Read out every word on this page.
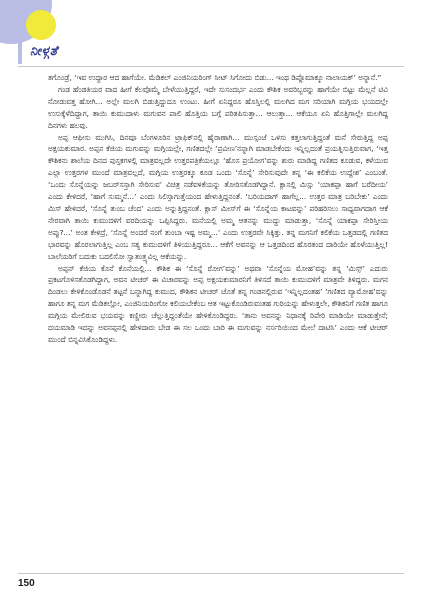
ನೀಳ್ಗತೆ

ತಗೊಂಡ್ರೆ, ‘ಇವ ಉದ್ಧಾರ ಆದ ಹಾಗೆಯೇ. ಮೆಡಿಕಲ್ ಎಂಜಿನಿಯರಿಂಗ್ ಸೀಟ್ ಸಿಗೋದು ಬಿಡು... ಇಂಥ ಡಿಪ್ಲೊಮಾಕ್ಕೂ ನಾಲಾಯಕ್’ ಅನ್ನಾನೆ.”

ಗಂಡ ಹೆಂಡತಿಯರ ವಾದ ಹೀಗೆ ಕೆಲವೊಮ್ಮೆ ಬೇಳೆಯುತ್ತಿದ್ದರೆ, ಇದೇ ಸುಸಂದರ್ಭ ಎಂದು ಕೌಶಿಕ ಅವರಿಬ್ಬರನ್ನು ಹಾಗೆಯೇ ಬಿಟ್ಟು ಮೆಲ್ಲನೆ ಟಿವಿ ನೋಡುವತ್ತ ಹೋಗಿ... ಅಲ್ಲೇ ಮಲಗಿ ಬಿಡುತ್ತಿದ್ದುದೂ ಉಂಟು. ಹೀಗೆ ಏನಿದ್ದರೂ ಹೊಸ್ತಿಲಲ್ಲಿ ಮಲಗಿದ ಮಗ ಸರಿಯಾಗಿ ಮಗ್ಗಿಯ ಭಯದಲ್ಲೇ ಉಸುಕ್ಕೆಳೆದಿದ್ದಾಗ, ತಾಯಿ ಕುಮುದಾಳು ಮಗುವನ ಪಾಲಿ ಹೊತ್ತಿಯ ಬಗ್ಗೆ ಪರಿತಪಿಸುತ್ತಾ... ಆಲುತ್ತಾ... ಆಕೆಯೂ ಏನಿ ಹೊತ್ತಿಗಾಲ್ಲೇ ಮಲಗಿದ್ದ ದಿನಗಳು ಹಲವು.

ಅಪ್ಪ ಆಫೀಸು ಮುಗಿಸಿ, ದಿನವೂ ಬೆಂಗಳೂರಿನ ಟ್ರಾಫಿಕ್‌ನಲ್ಲಿ ಹೈರಾಣಾಗಿ... ಮುಸ್ಸಂಜೆ ಒಳಿಸು ಕತ್ತಲಾಗುತ್ತಿದ್ದಂತೆ ಮನೆ ಸೇರುತ್ತಿದ್ದ ಅಪ್ಪ ಅಕ್ಷಯಕುಮಾರ. ಅಪ್ಪನ ಕೆಜಿಯ ಮಗುವನ್ನು ಮಗ್ಗಿಯಲ್ಲೇ, ಗಣಿತದಲ್ಲೇ ‘ಪ್ರವೀಣ’ನನ್ನಾಗಿ ಮಾಡಬೇಕೆಂದು ಇನ್ನಿಲ್ಲದಂತೆ ಪ್ರಯತ್ನಿಸುತ್ತಿರುವಾಗ, ‘ಇತ್ತ ಕೌಶಿಕನು ಶಾಲೆಯ ದಿನದ ಪುಸ್ತಕಗಳಲ್ಲಿ ಮಾತ್ರವಲ್ಲದೇ ಉತ್ತರಪತ್ರಿಕೆಯಲ್ಲೂ ‘ಹೊಸ ಪ್ರಯೋಗ’ವನ್ನು ಶುರು ಮಾಡಿದ್ದ ಗಣಿತದ ಕೂಡುವ, ಕಳೆಯುವ ಎಲ್ಲಾ ಉತ್ತರಗಳ ಮುಂದೆ ಮಾತ್ರವಲ್ಲದೆ, ಮಗ್ಗಿಯ ಉತ್ತರಕ್ಕೂ ಕೂಡ ಒಂದು ‘ಸೊನ್ನೆ’ ಸೇರಿಸುವುದೇ ತನ್ನ ‘ಈ ಕಲಿಕೆಯ ಉದ್ದೇಶ’ ಎಂಬಂತೆ. ‘ಒಂದು ಸೊನ್ನೆಯನ್ನು ಜಬರ್‌ಸಸ್ತಾಗಿ ಸೇರಿಸುವ’ ವಿಚಿತ್ರ ನಡೆವಳಿಕೆಯನ್ನು ತೋರಿಸತೊಡಗಿದ್ದಾನೆ. ಕ್ಲಾಸಲ್ಲಿ ಮಿಸ್ಸು ‘ಯಾಕಪ್ಪಾ ಹಾಗೆ ಬರೆದೀಯ’ ಎಂದು ಕೇಳಿದರೆ, ‘ಹಾಗೆ ಸುಮ್ಮನೆ...’ ಎಂದು ಸಿಲಿಸ್ಸಾಗುತ್ತೆಯಂದ ಹೇಳುತ್ತಿದ್ದನಂತೆ. ‘ಬರಿಯದಾಗ್ ಹಾಗೆಲ್ಲ... ಉತ್ತರ ಮಾತ್ರ ಬರಿಬೇಕು’ ಎಂದು ಮಿಸ್ ಹೇಳಿದರೆ, ‘ಸೊನ್ನೆ ತುಂಬ ಚೆಂದ’ ಎಂದು ಅನ್ನುತ್ತಿದ್ದನಂತೆ. ಕ್ಲಾಸ್ ಮೀಸ್‌ಗೆ ಈ ‘ಸೊನ್ನೆಯ ಕಾಟವನ್ನು’ ಪರಿಹರಿಸಲು ಸಾಧ್ಯವಾಗದಾಗ ಆಕೆ ನೇರವಾಗಿ ತಾಯಿ ಕುಮುದಳಿಗೆ ವರದಿಯನ್ನು ಒಪ್ಪಿಸಿದ್ದರು. ಮನೆಯಲ್ಲಿ ಅಮ್ಮ ಆತನನ್ನು ಮುದ್ದು ಮಾಡುತ್ತಾ, ‘ಸೊನ್ನೆ ಯಾಕಪ್ಪಾ ಸೇರಿಸ್ತೀಯ ಅಪ್ಪು?...’ ಅಂತ ಕೇಳಿದ್ರೆ, ‘ಸೊನ್ನೆ ಅಂದರೆ ನಂಗೆ ತುಂಬಾ ಇಷ್ಟ ಅಮ್ಮ...’ ಎಂದು ಉತ್ತರವೇ ಸಿಕ್ಕಿತ್ತು. ತನ್ನ ಮಗನಿಗೆ ಕಲಿಕೆಯ ಒತ್ತಡದಲ್ಲಿ ಗಣಿತದ ಭಾರವನ್ನು ಹೊರಲಾಗುತ್ತಿಲ್ಲ ಎಂಬ ಸತ್ಯ ಕುಮುದಳಿಗೆ ತಿಳಿಯುತ್ತಿದ್ದರೂ... ಆಕೆಗೆ ಅವನನ್ನು ಆ ಒತ್ತಡದಿಂದ ಹೊರತಂದ ದಾರಿಯೇ ಹೊಳೆಯುತ್ತಿಲ್ಲ! ಬಾಲೆಯರಿಗೆ ಬದುಕು ಬದಲಿಸೋ ಸ್ವಾತಂತ್ರ್ಯವಿಲ್ಲ ಆಕೆಯನ್ನು.

ಅಪ್ಪನ್ ಕೆಜಿಯ ಕೊನೆ ಕೊನೆಯಲ್ಲಿ... ಕೌಶಿಕ ಈ ‘ಸೊನ್ನೆ ರೋಗ’ವನ್ನು’ ಅಥವಾ ‘ಸೊನ್ನೆಯ ಮೋಹ’ವನ್ನು ತನ್ನ ‘ಮಿಸ್ಸ್’ ಎದುರು ಪ್ರಕಟಗೊಳಿಸತೊಡಗಿದ್ದಾಗ, ಅವನ ಟೀಚರ್ ಈ ವಿಚಾರವನ್ನು ಅಪ್ಪ ಅಕ್ಷಯಕುಮಾರನಿಗೆ ತಿಳಿಸದೆ ತಾಯಿ ಕುಮುದಳಿಗೆ ಮಾತ್ರವೇ ತಿಳಿದ್ದರು. ಮಗನ ದಿಂಡಲು ಕೇಳಿಕೊಂಡೊಡನೆ ತಟ್ಟನೆ ಬನ್ನಾಗಿದ್ದ ಕುಮುದ, ಕೌಶಿಕನ ಟೀಚರ್ ಜೊತೆ ತನ್ನ ಗಂಡನಲ್ಲಿರುವ ‘ಇನ್ನಿಲ್ಲದಂತಹ’ ‘ಗಣಿತದ ವ್ಯಾಮೋಹ’ವನ್ನು ಹಾಗೂ ತನ್ನ ಮಗ ಮೆಡಿಕಲ್ಲೋ, ಎಂಜಿನಿಯರಿಂಗೋ ಕಲಿಯಬೇಕೆಂಬ ಆತ ಇಟ್ಟುಕೊಂಡಿರುವಂತಹ ಗುರಿಯನ್ನು ಹೇಳುತ್ತಲೇ, ಕೌಶಿಕನಿಗೆ ಗಣಿತ ಹಾಗೂ ಮಗ್ಗಿಯ ಮೇಲಿರುವ ಭಯವನ್ನು ಕಣ್ಣೀರು ಚೆಲ್ಲುತ್ತಿದ್ದಂತೆಯೇ ಹೇಳಿಕೊಂಡಿದ್ದರು. ‘ತಾನು ಅವನನ್ನು ನಿಧಾನಕ್ಕೆ ರಿಪೇರಿ ಮಾಡಿಯೇ ಮಾಡುತ್ತೇನೆ; ದಯಮಾಡಿ ಇದನ್ನು ಅವನಪ್ಪನಲ್ಲಿ ಹೇಳಿದಾರು ಬೇಡ ಈ ಸಲ ಒಂದು ಬಾರಿ ಈ ಮಗುವನ್ನು ನರ್ಸರಿಯಿಂದ ಮೇಲೆ ದಾಟಿಸಿ’ ಎಂದು ಆಕೆ ಟೀಚರ್ ಮುಂದೆ ಬಿನ್ನವಿಸಿಕೊಂಡಿದ್ದಳು.

150
